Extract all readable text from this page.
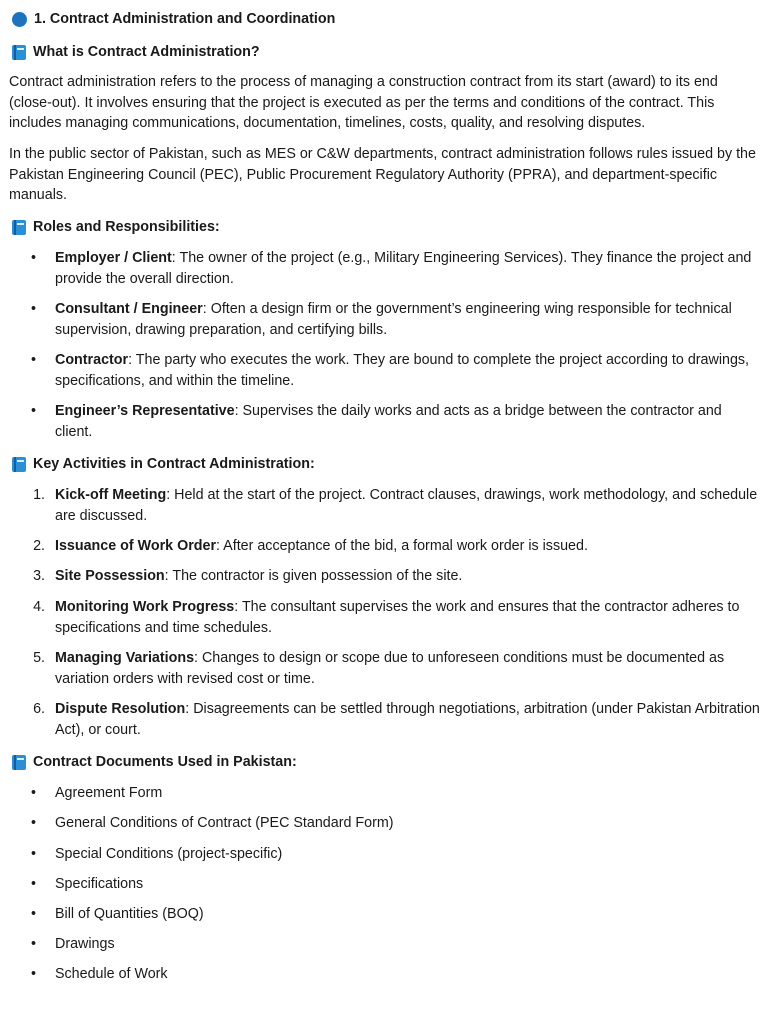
1. Contract Administration and Coordination
What is Contract Administration?

Contract administration refers to the process of managing a construction contract from its start (award) to its end (close-out). It involves ensuring that the project is executed as per the terms and conditions of the contract. This includes managing communications, documentation, timelines, costs, quality, and resolving disputes.

In the public sector of Pakistan, such as MES or C&W departments, contract administration follows rules issued by the Pakistan Engineering Council (PEC), Public Procurement Regulatory Authority (PPRA), and department-specific manuals.

Roles and Responsibilities:
• Employer / Client: The owner of the project (e.g., Military Engineering Services). They finance the project and provide the overall direction.
• Consultant / Engineer: Often a design firm or the government’s engineering wing responsible for technical supervision, drawing preparation, and certifying bills.
• Contractor: The party who executes the work. They are bound to complete the project according to drawings, specifications, and within the timeline.
• Engineer’s Representative: Supervises the daily works and acts as a bridge between the contractor and client.
Key Activities in Contract Administration:
1. Kick-off Meeting: Held at the start of the project. Contract clauses, drawings, work methodology, and schedule are discussed.
2. Issuance of Work Order: After acceptance of the bid, a formal work order is issued.
3. Site Possession: The contractor is given possession of the site.
4. Monitoring Work Progress: The consultant supervises the work and ensures that the contractor adheres to specifications and time schedules.
5. Managing Variations: Changes to design or scope due to unforeseen conditions must be documented as variation orders with revised cost or time.
6. Dispute Resolution: Disagreements can be settled through negotiations, arbitration (under Pakistan Arbitration Act), or court.
Contract Documents Used in Pakistan:
• Agreement Form
• General Conditions of Contract (PEC Standard Form)
• Special Conditions (project-specific)
• Specifications
• Bill of Quantities (BOQ)
• Drawings
• Schedule of Work
